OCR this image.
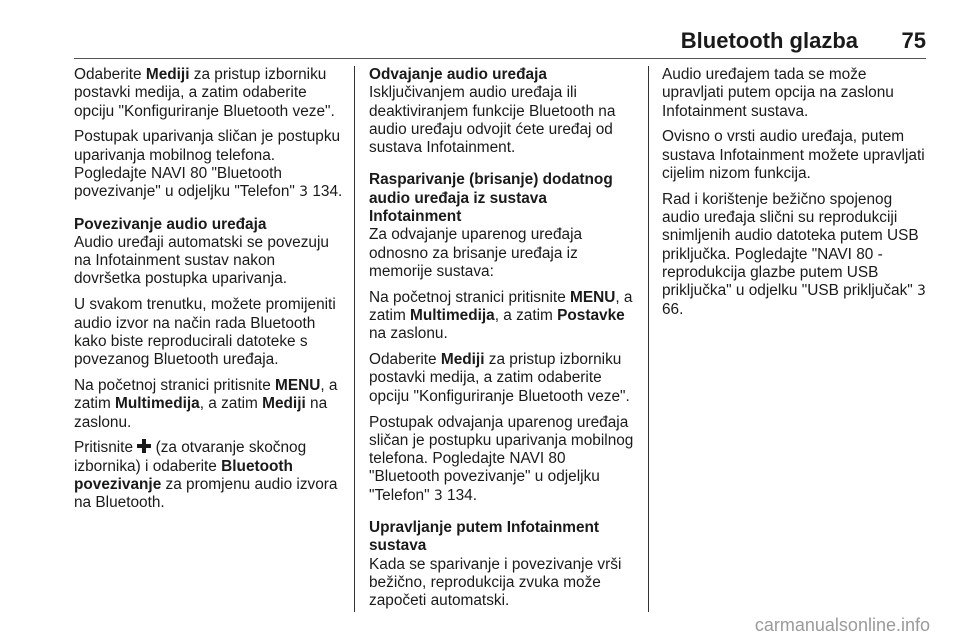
Bluetooth glazba 75

Odaberite Mediji za pristup izborniku postavki medija, a zatim odaberite opciju "Konfiguriranje Bluetooth veze".

Postupak uparivanja sličan je postupku uparivanja mobilnog telefona. Pogledajte NAVI 80 "Bluetooth povezivanje" u odjeljku "Telefon" 3 134.

Povezivanje audio uređaja

Audio uređaji automatski se povezuju na Infotainment sustav nakon dovršetka postupka uparivanja.

U svakom trenutku, možete promijeniti audio izvor na način rada Bluetooth kako biste reproducirali datoteke s povezanog Bluetooth uređaja.

Na početnoj stranici pritisnite MENU, a zatim Multimedija, a zatim Mediji na zaslonu.

Pritisnite  (za otvaranje skočnog izbornika) i odaberite Bluetooth povezivanje za promjenu audio izvora na Bluetooth.

Odvajanje audio uređaja

Isključivanjem audio uređaja ili deaktiviranjem funkcije Bluetooth na audio uređaju odvojit ćete uređaj od sustava Infotainment.

Rasparivanje (brisanje) dodatnog audio uređaja iz sustava Infotainment

Za odvajanje uparenog uređaja odnosno za brisanje uređaja iz memorije sustava:

Na početnoj stranici pritisnite MENU, a zatim Multimedija, a zatim Postavke na zaslonu.

Odaberite Mediji za pristup izborniku postavki medija, a zatim odaberite opciju "Konfiguriranje Bluetooth veze".

Postupak odvajanja uparenog uređaja sličan je postupku uparivanja mobilnog telefona. Pogledajte NAVI 80 "Bluetooth povezivanje" u odjeljku "Telefon" 3 134.

Upravljanje putem Infotainment sustava

Kada se sparivanje i povezivanje vrši bežično, reprodukcija zvuka može započeti automatski.

Audio uređajem tada se može upravljati putem opcija na zaslonu Infotainment sustava.

Ovisno o vrsti audio uređaja, putem sustava Infotainment možete upravljati cijelim nizom funkcija.

Rad i korištenje bežično spojenog audio uređaja slični su reprodukciji snimljenih audio datoteka putem USB priključka. Pogledajte "NAVI 80 - reprodukcija glazbe putem USB priključka" u odjelku "USB priključak" 3 66.

carmanualsonline.info
